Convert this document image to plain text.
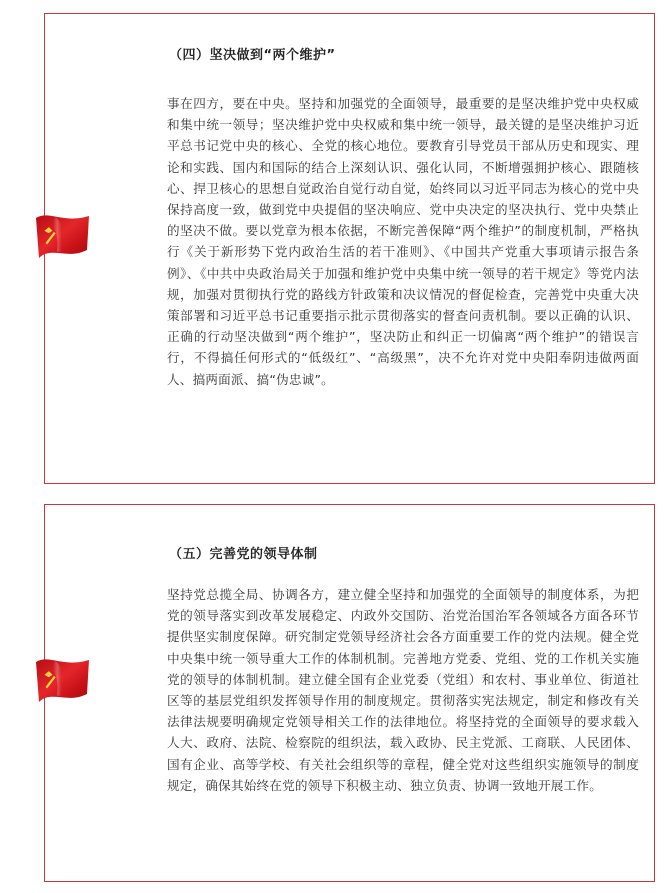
（四）坚决做到“两个维护”
事在四方，要在中央。坚持和加强党的全面领导，最重要的是坚决维护党中央权威和集中统一领导；坚决维护党中央权威和集中统一领导，最关键的是坚决维护习近平总书记党中央的核心、全党的核心地位。要教育引导党员干部从历史和现实、理论和实践、国内和国际的结合上深刻认识、强化认同，不断增强拥护核心、跟随核心、捍卫核心的思想自觉政治自觉行动自觉，始终同以习近平同志为核心的党中央保持高度一致，做到党中央提倡的坚决响应、党中央决定的坚决执行、党中央禁止的坚决不做。要以党章为根本依据，不断完善保障“两个维护”的制度机制，严格执行《关于新形势下党内政治生活的若干准则》、《中国共产党重大事项请示报告条例》、《中共中央政治局关于加强和维护党中央集中统一领导的若干规定》等党内法规，加强对贯彻执行党的路线方针政策和决议情况的督促检查，完善党中央重大决策部署和习近平总书记重要指示批示贯彻落实的督查问责机制。要以正确的认识、正确的行动坚决做到“两个维护”，坚决防止和纠正一切偏离“两个维护”的错误言行，不得搞任何形式的“低级红”、“高级黑”，决不允许对党中央阳奉阴违做两面人、搞两面派、搞“伪忠诚”。
（五）完善党的领导体制
坚持党总揽全局、协调各方，建立健全坚持和加强党的全面领导的制度体系，为把党的领导落实到改革发展稳定、内政外交国防、治党治国治军各领域各方面各环节提供坚实制度保障。研究制定党领导经济社会各方面重要工作的党内法规。健全党中央集中统一领导重大工作的体制机制。完善地方党委、党组、党的工作机关实施党的领导的体制机制。建立健全国有企业党委（党组）和农村、事业单位、街道社区等的基层党组织发挥领导作用的制度规定。贯彻落实宪法规定，制定和修改有关法律法规要明确规定党领导相关工作的法律地位。将坚持党的全面领导的要求载入人大、政府、法院、检察院的组织法，载入政协、民主党派、工商联、人民团体、国有企业、高等学校、有关社会组织等的章程，健全党对这些组织实施领导的制度规定，确保其始终在党的领导下积极主动、独立负责、协调一致地开展工作。
